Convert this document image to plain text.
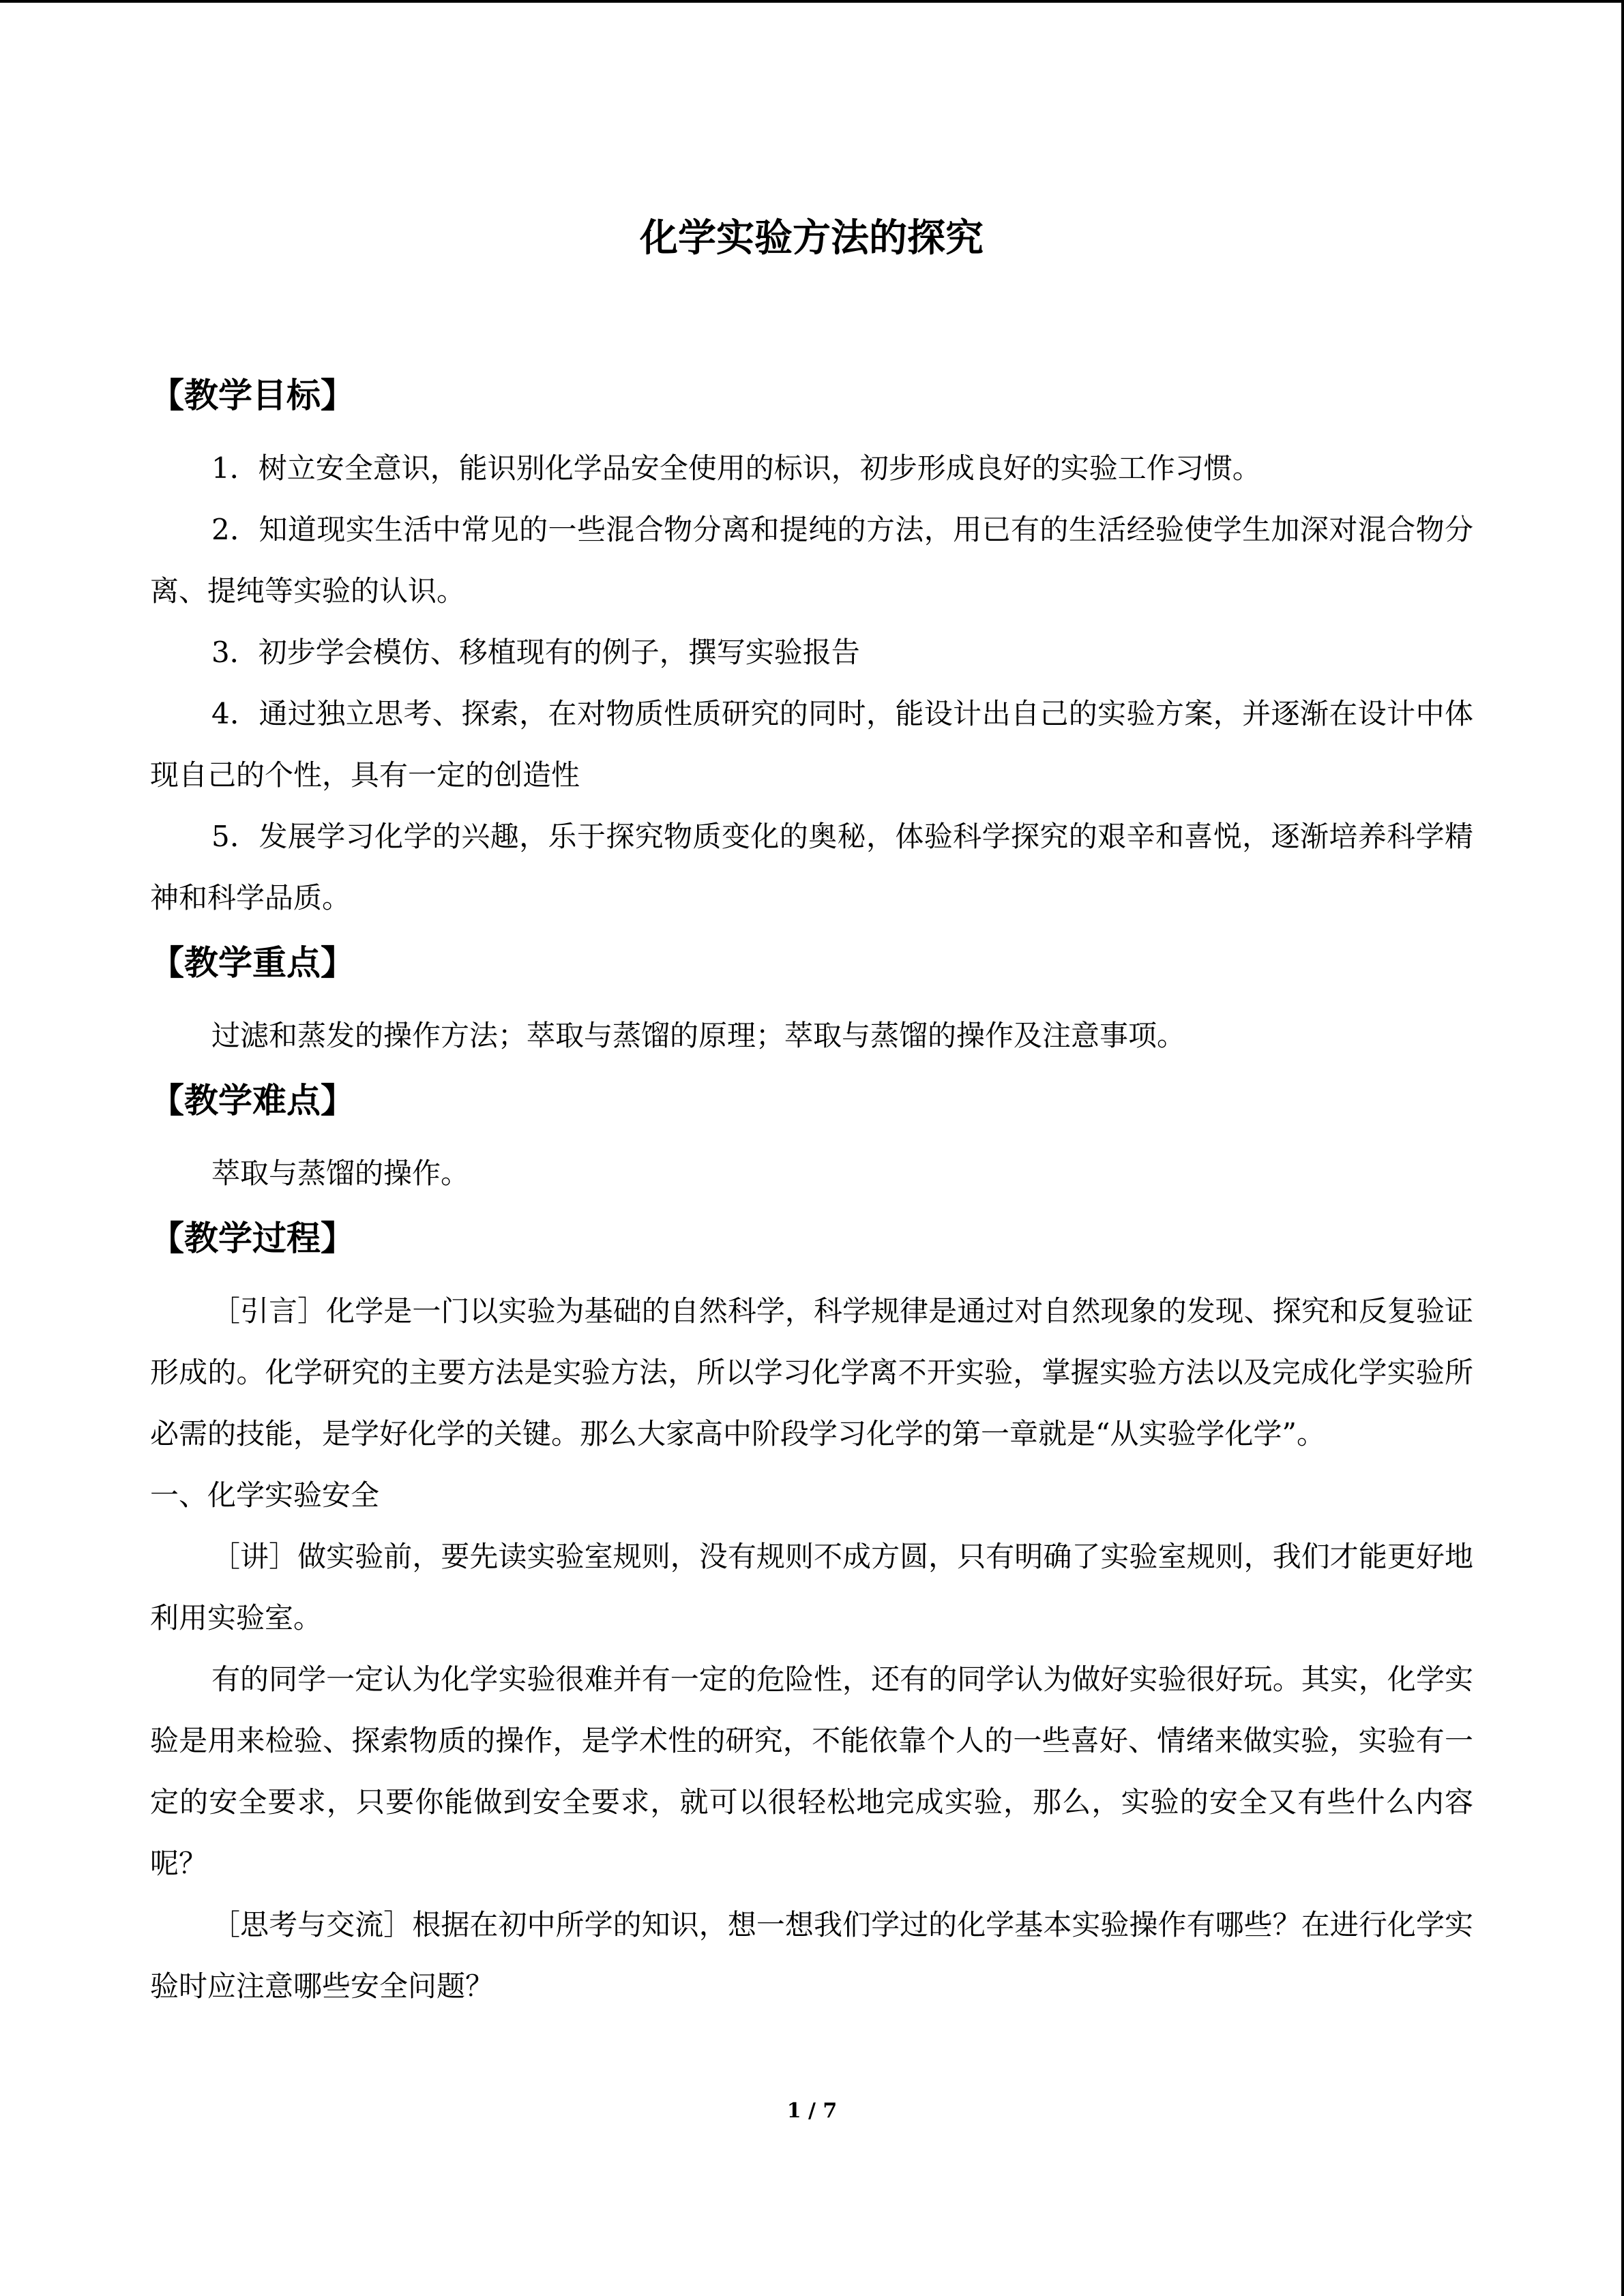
化学实验方法的探究
【教学目标】

1．树立安全意识，能识别化学品安全使用的标识，初步形成良好的实验工作习惯。

2．知道现实生活中常见的一些混合物分离和提纯的方法，用已有的生活经验使学生加深对混合物分离、提纯等实验的认识。

3．初步学会模仿、移植现有的例子，撰写实验报告

4．通过独立思考、探索，在对物质性质研究的同时，能设计出自己的实验方案，并逐渐在设计中体现自己的个性，具有一定的创造性

5．发展学习化学的兴趣，乐于探究物质变化的奥秘，体验科学探究的艰辛和喜悦，逐渐培养科学精神和科学品质。

【教学重点】

过滤和蒸发的操作方法；萃取与蒸馏的原理；萃取与蒸馏的操作及注意事项。

【教学难点】

萃取与蒸馏的操作。

【教学过程】

［引言］化学是一门以实验为基础的自然科学，科学规律是通过对自然现象的发现、探究和反复验证形成的。化学研究的主要方法是实验方法，所以学习化学离不开实验，掌握实验方法以及完成化学实验所必需的技能，是学好化学的关键。那么大家高中阶段学习化学的第一章就是“从实验学化学”。

一、化学实验安全

［讲］做实验前，要先读实验室规则，没有规则不成方圆，只有明确了实验室规则，我们才能更好地利用实验室。

有的同学一定认为化学实验很难并有一定的危险性，还有的同学认为做好实验很好玩。其实，化学实验是用来检验、探索物质的操作，是学术性的研究，不能依靠个人的一些喜好、情绪来做实验，实验有一定的安全要求，只要你能做到安全要求，就可以很轻松地完成实验，那么，实验的安全又有些什么内容呢？

［思考与交流］根据在初中所学的知识，想一想我们学过的化学基本实验操作有哪些？在进行化学实验时应注意哪些安全问题？

1 / 7
